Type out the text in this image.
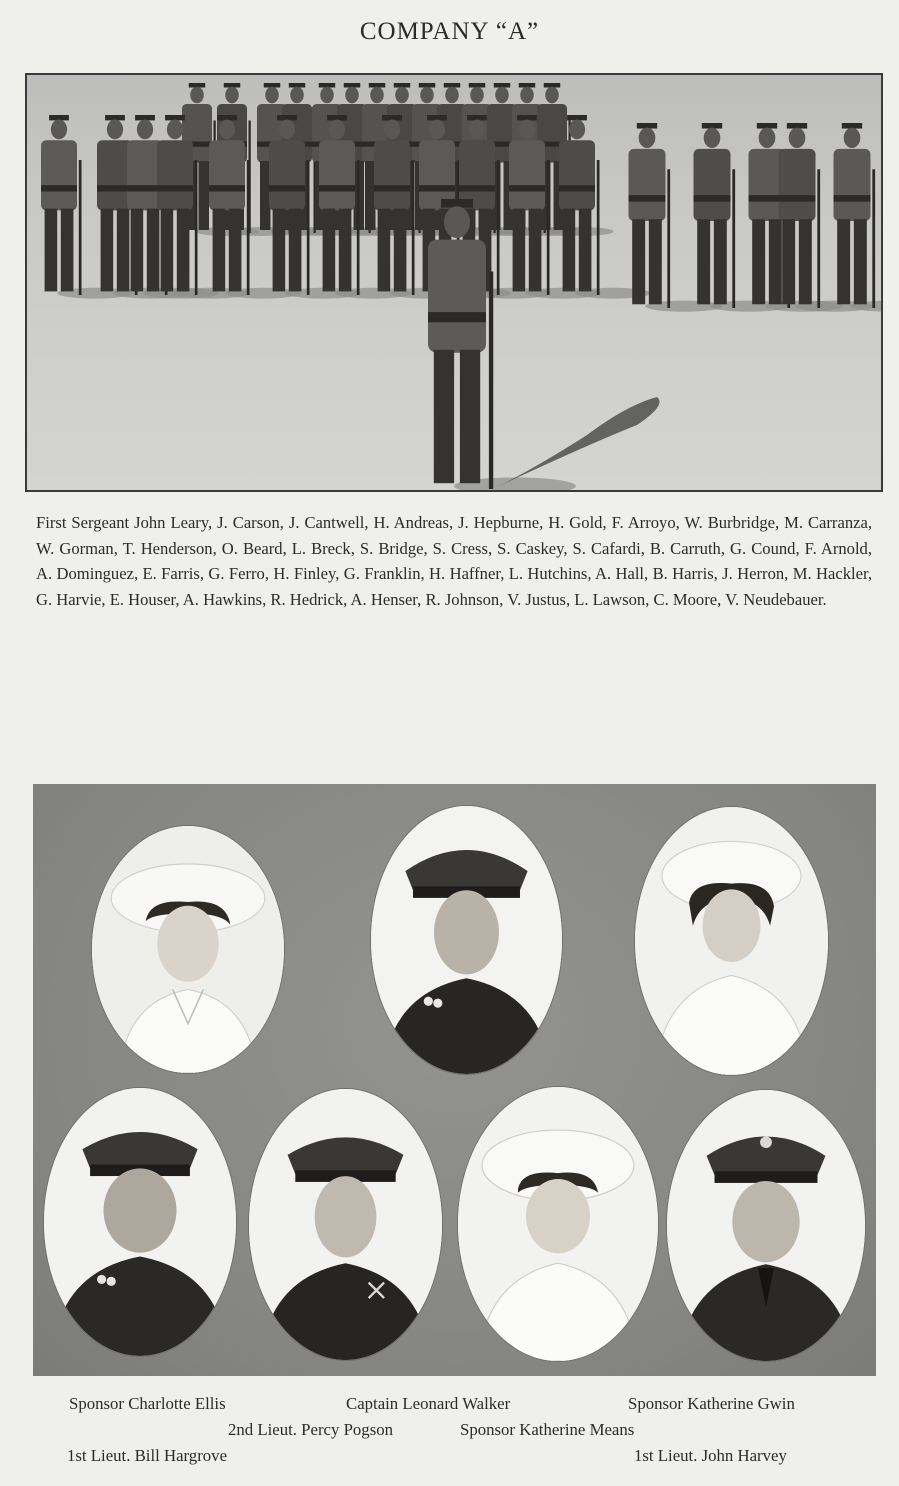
COMPANY “A”
First Sergeant John Leary, J. Carson, J. Cantwell, H. Andreas, J. Hepburne, H. Gold, F. Arroyo, W. Burbridge, M. Carranza, W. Gorman, T. Henderson, O. Beard, L. Breck, S. Bridge, S. Cress, S. Caskey, S. Cafardi, B. Carruth, G. Cound, F. Arnold, A. Dominguez, E. Farris, G. Ferro, H. Finley, G. Franklin, H. Haffner, L. Hutchins, A. Hall, B. Harris, J. Herron, M. Hackler, G. Harvie, E. Houser, A. Hawkins, R. Hedrick, A. Henser, R. Johnson, V. Justus, L. Lawson, C. Moore, V. Neudebauer.
Sponsor Charlotte Ellis	Captain Leonard Walker	Sponsor Katherine Gwin
2nd Lieut. Percy Pogson	Sponsor Katherine Means
1st Lieut. Bill Hargrove	1st Lieut. John Harvey
